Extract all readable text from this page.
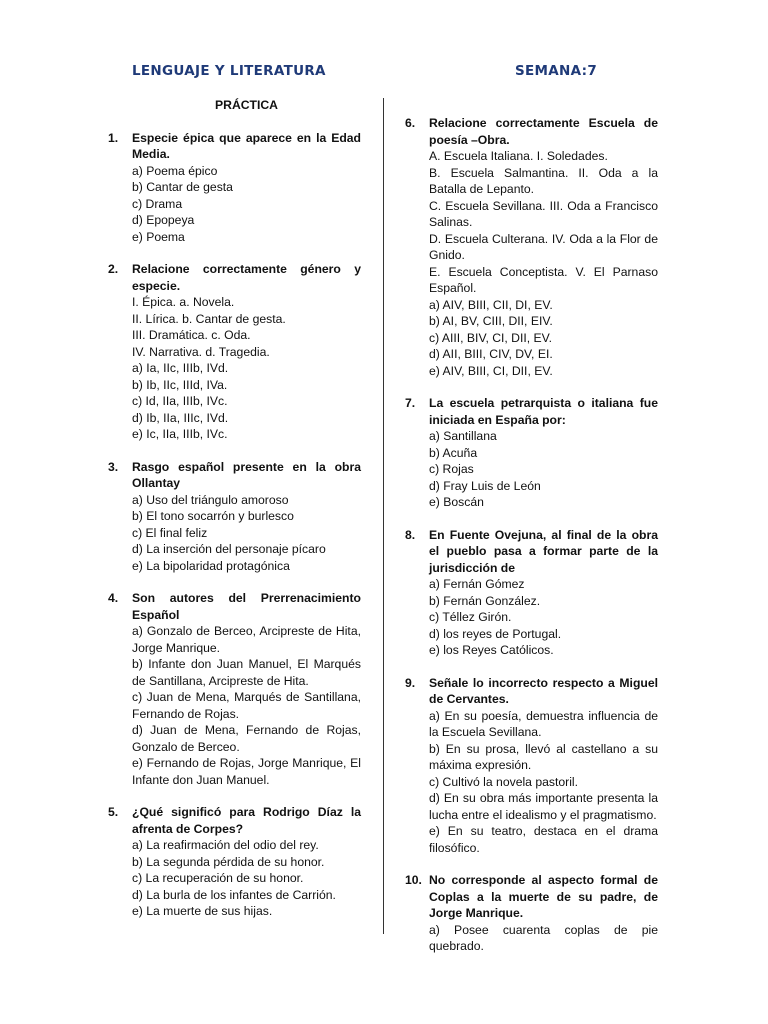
LENGUAJE Y LITERATURA	SEMANA:7
PRÁCTICA
1.	Especie épica que aparece en la Edad Media.
a) Poema épico
b) Cantar de gesta
c) Drama
d) Epopeya
e) Poema
2.	Relacione correctamente género y especie.
I. Épica. a. Novela.
II. Lírica. b. Cantar de gesta.
III. Dramática. c. Oda.
IV. Narrativa. d. Tragedia.
a) Ia, IIc, IIIb, IVd.
b) Ib, IIc, IIId, IVa.
c) Id, IIa, IIIb, IVc.
d) Ib, IIa, IIIc, IVd.
e) Ic, IIa, IIIb, IVc.
3.	Rasgo español presente en la obra Ollantay
a) Uso del triángulo amoroso
b) El tono socarrón y burlesco
c) El final feliz
d) La inserción del personaje pícaro
e) La bipolaridad protagónica
4.	Son autores del Prerrenacimiento Español
a) Gonzalo de Berceo, Arcipreste de Hita, Jorge Manrique.
b) Infante don Juan Manuel, El Marqués de Santillana, Arcipreste de Hita.
c) Juan de Mena, Marqués de Santillana, Fernando de Rojas.
d) Juan de Mena, Fernando de Rojas, Gonzalo de Berceo.
e) Fernando de Rojas, Jorge Manrique, El Infante don Juan Manuel.
5.	¿Qué significó para Rodrigo Díaz la afrenta de Corpes?
a) La reafirmación del odio del rey.
b) La segunda pérdida de su honor.
c) La recuperación de su honor.
d) La burla de los infantes de Carrión.
e) La muerte de sus hijas.
6.	Relacione correctamente Escuela de poesía –Obra.
A. Escuela Italiana. I. Soledades.
B. Escuela Salmantina. II. Oda a la Batalla de Lepanto.
C. Escuela Sevillana. III. Oda a Francisco Salinas.
D. Escuela Culterana. IV. Oda a la Flor de Gnido.
E. Escuela Conceptista. V. El Parnaso Español.
a) AIV, BIII, CII, DI, EV.
b) AI, BV, CIII, DII, EIV.
c) AIII, BIV, CI, DII, EV.
d) AII, BIII, CIV, DV, EI.
e) AIV, BIII, CI, DII, EV.
7.	La escuela petrarquista o italiana fue iniciada en España por:
a) Santillana
b) Acuña
c) Rojas
d) Fray Luis de León
e) Boscán
8.	En Fuente Ovejuna, al final de la obra el pueblo pasa a formar parte de la jurisdicción de
a) Fernán Gómez
b) Fernán González.
c) Téllez Girón.
d) los reyes de Portugal.
e) los Reyes Católicos.
9.	Señale lo incorrecto respecto a Miguel de Cervantes.
a) En su poesía, demuestra influencia de la Escuela Sevillana.
b) En su prosa, llevó al castellano a su máxima expresión.
c) Cultivó la novela pastoril.
d) En su obra más importante presenta la lucha entre el idealismo y el pragmatismo.
e) En su teatro, destaca en el drama filosófico.
10. No corresponde al aspecto formal de Coplas a la muerte de su padre, de Jorge Manrique.
a) Posee cuarenta coplas de pie quebrado.
